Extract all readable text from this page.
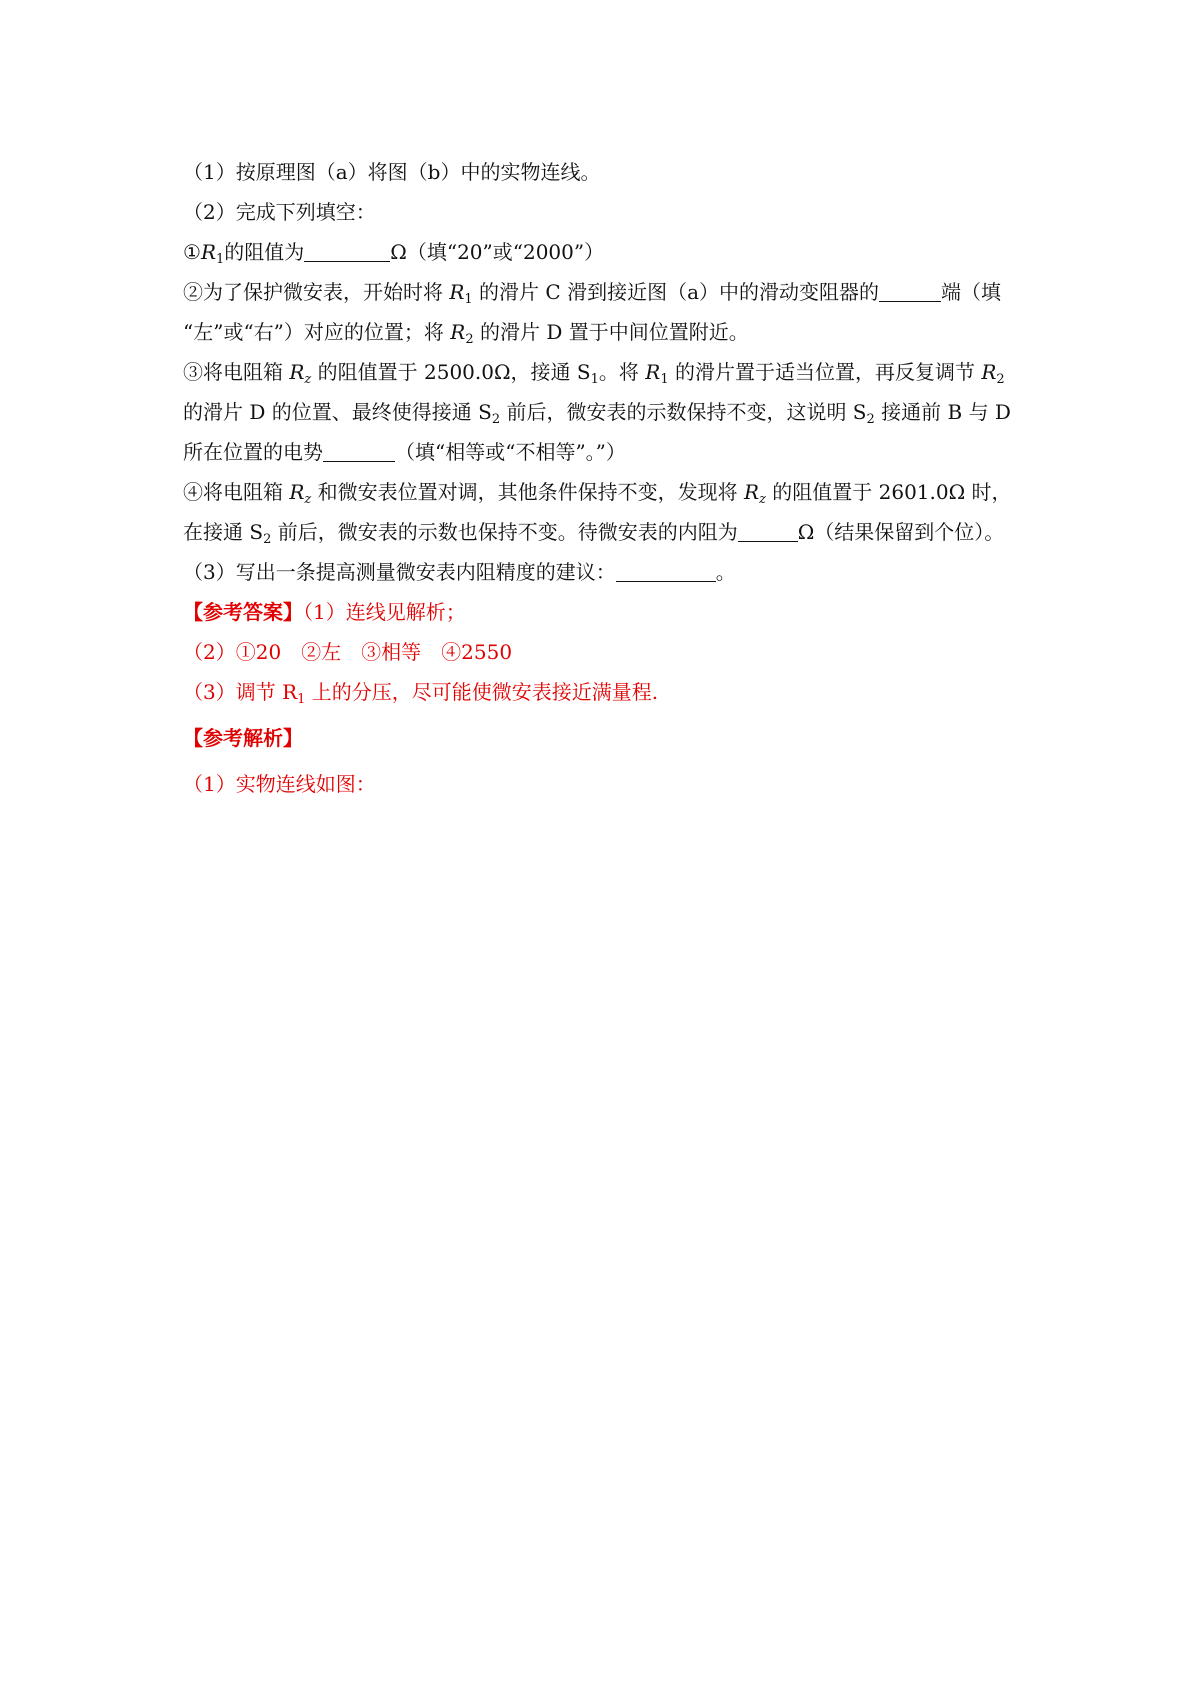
（1）按原理图（a）将图（b）中的实物连线。
（2）完成下列填空：
$①R_1$的阻值为	Ω（填“20”或“2000”）
②为了保护微安表，开始时将 $R_1$ 的滑片 C 滑到接近图（a）中的滑动变阻器的	端（填
“左”或“右”）对应的位置；将 $R_2$ 的滑片 D 置于中间位置附近。
③将电阻箱 $R_z$ 的阻值置于 2500.0Ω，接通 $S_1$。将 $R_1$ 的滑片置于适当位置，再反复调节 $R_2$
的滑片 D 的位置、最终使得接通 $S_2$ 前后，微安表的示数保持不变，这说明 $S_2$ 接通前 B 与 D
所在位置的电势	（填“相等或“不相等”。”）
④将电阻箱 $R_z$ 和微安表位置对调，其他条件保持不变，发现将 $R_z$ 的阻值置于 2601.0Ω 时，
在接通 $S_2$ 前后，微安表的示数也保持不变。待微安表的内阻为	Ω（结果保留到个位）。
（3）写出一条提高测量微安表内阻精度的建议：	。
【参考答案】（1）连线见解析；
（2）①20　②左　③相等　④2550
（3）调节 $R_1$ 上的分压，尽可能使微安表接近满量程.
【参考解析】
（1）实物连线如图：
